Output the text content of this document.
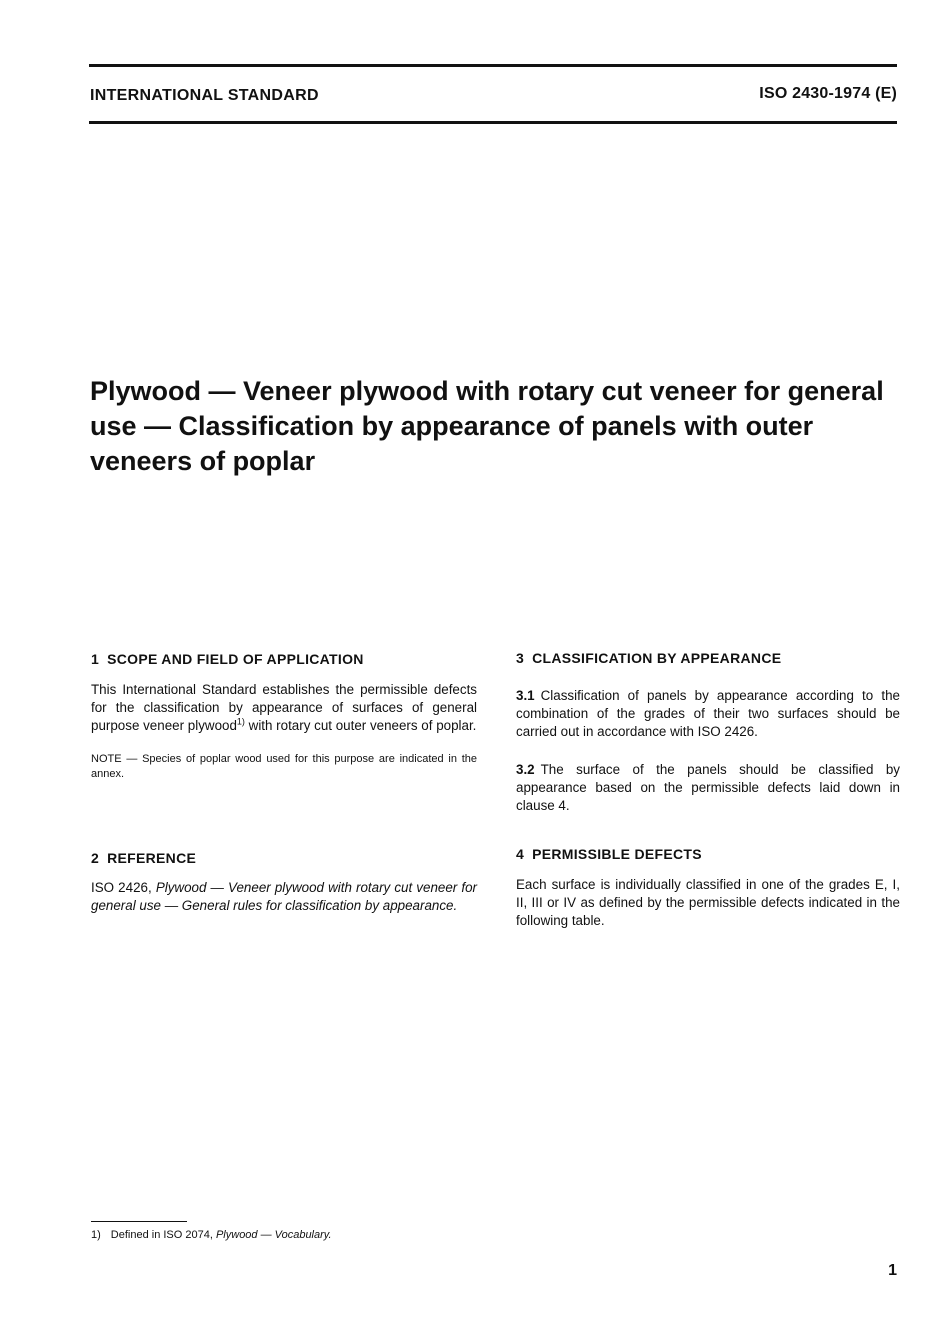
INTERNATIONAL STANDARD	ISO 2430-1974 (E)
Plywood — Veneer plywood with rotary cut veneer for general use — Classification by appearance of panels with outer veneers of poplar
1 SCOPE AND FIELD OF APPLICATION

This International Standard establishes the permissible defects for the classification by appearance of surfaces of general purpose veneer plywood$^{1)}$ with rotary cut outer veneers of poplar.

NOTE — Species of poplar wood used for this purpose are indicated in the annex.

2 REFERENCE

ISO 2426, Plywood — Veneer plywood with rotary cut veneer for general use — General rules for classification by appearance.

3 CLASSIFICATION BY APPEARANCE

3.1 Classification of panels by appearance according to the combination of the grades of their two surfaces should be carried out in accordance with ISO 2426.

3.2 The surface of the panels should be classified by appearance based on the permissible defects laid down in clause 4.

4 PERMISSIBLE DEFECTS

Each surface is individually classified in one of the grades E, I, II, III or IV as defined by the permissible defects indicated in the following table.

1) Defined in ISO 2074, Plywood — Vocabulary.
1
